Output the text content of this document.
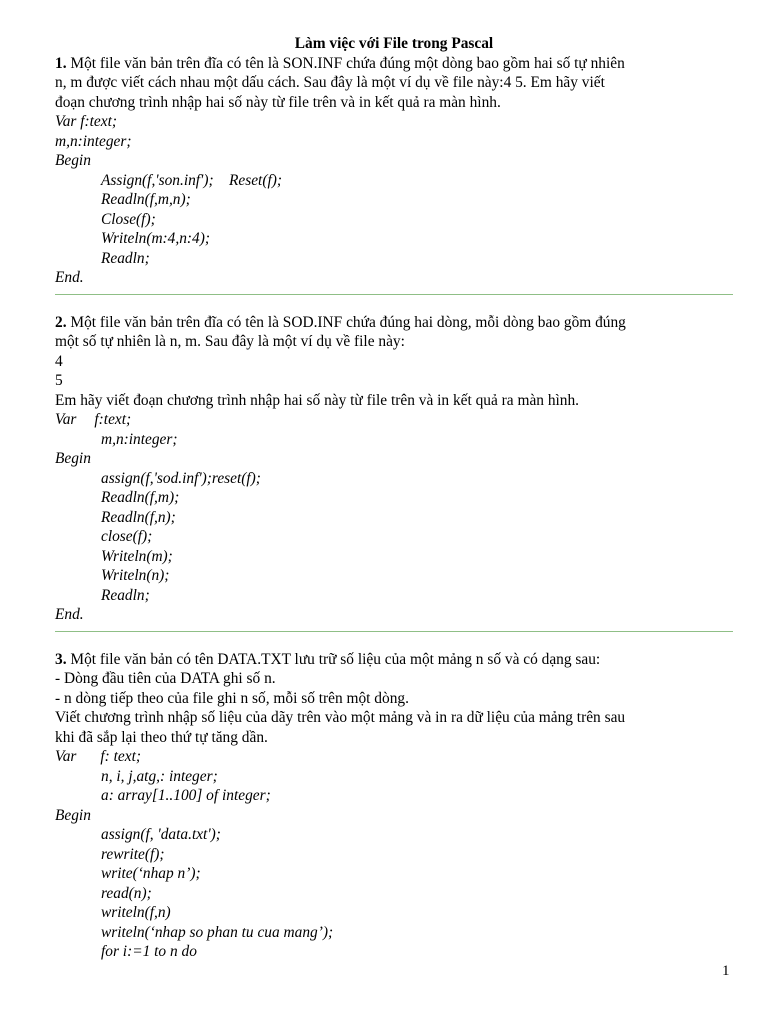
Làm việc với File trong Pascal

1. Một file văn bản trên đĩa có tên là SON.INF chứa đúng một dòng bao gồm hai số tự nhiên

n, m được viết cách nhau một dấu cách. Sau đây là một ví dụ về file này:4 5. Em hãy viết

đoạn chương trình nhập hai số này từ file trên và in kết quả ra màn hình.

Var f:text;
m,n:integer;
Begin
Assign(f,'son.inf');    Reset(f);
Readln(f,m,n);
Close(f);
Writeln(m:4,n:4);
Readln;
End.

2. Một file văn bản trên đĩa có tên là SOD.INF chứa đúng hai dòng, mỗi dòng bao gồm đúng

một số tự nhiên là n, m. Sau đây là một ví dụ về file này:

4

5

Em hãy viết đoạn chương trình nhập hai số này từ file trên và in kết quả ra màn hình.

Var f:text;
m,n:integer;
Begin
assign(f,'sod.inf');reset(f);
Readln(f,m);
Readln(f,n);
close(f);
Writeln(m);
Writeln(n);
Readln;
End.

3. Một file văn bản có tên DATA.TXT lưu trữ số liệu của một mảng n số và có dạng sau:

- Dòng đầu tiên của DATA ghi số n.

- n dòng tiếp theo của file ghi n số, mỗi số trên một dòng.

Viết chương trình nhập số liệu của dãy trên vào một mảng và in ra dữ liệu của mảng trên sau

khi đã sắp lại theo thứ tự tăng dần.

Var f: text;
n, i, j,atg,: integer;
a: array[1..100] of integer;
Begin
assign(f, 'data.txt');
rewrite(f);
write(‘nhap n’);
read(n);
writeln(f,n)
writeln(‘nhap so phan tu cua mang’);
for i:=1 to n do
1
